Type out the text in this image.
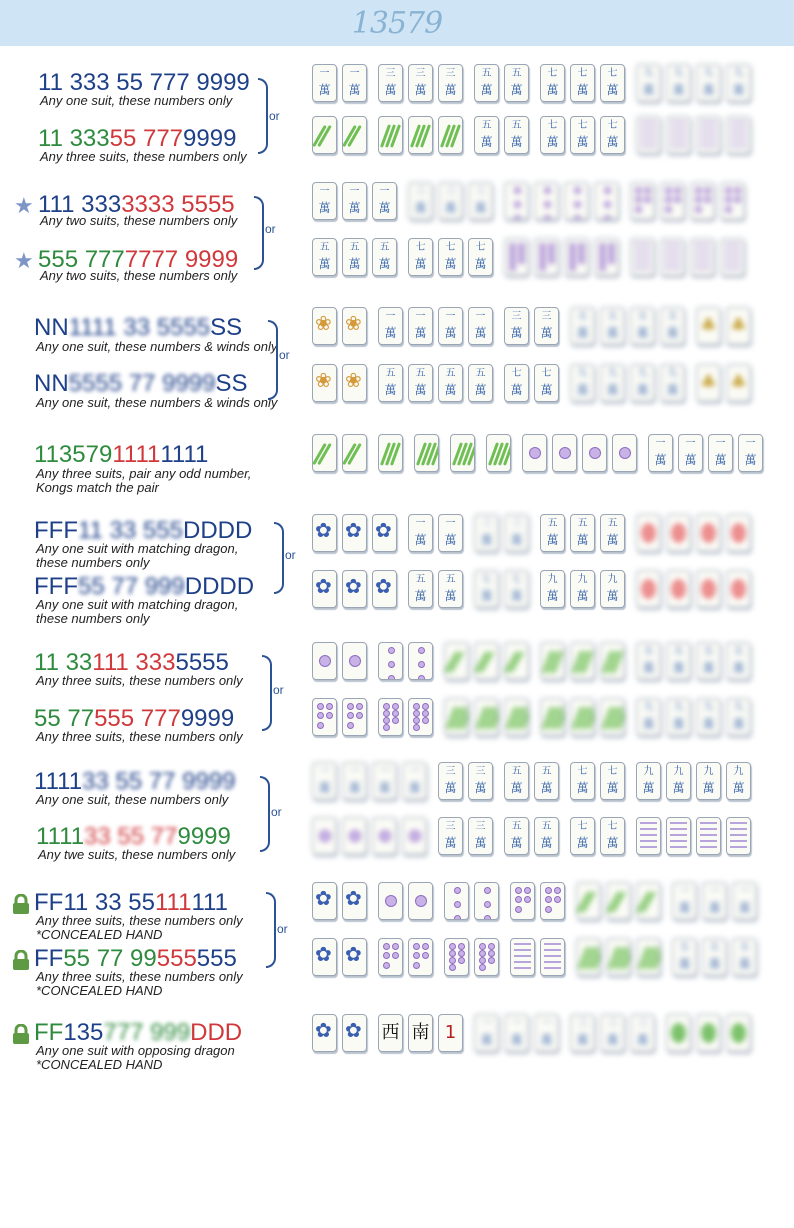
13579
11 333 55 777 9999
Any one suit, these numbers only
11 33355 7779999
Any three suits, these numbers only
111 3333333 5555
Any two suits, these numbers only
★
555 7777777 9999
Any two suits, these numbers only
★
NN1111 33 5555SS
Any one suit, these numbers & winds only
NN5555 77 9999SS
Any one suit, these numbers & winds only
11357911111111
Any three suits, pair any odd number, Kongs match the pair
FFF11 33 555DDDD
Any one suit with matching dragon, these numbers only
FFF55 77 999DDDD
Any one suit with matching dragon, these numbers only
11 33111 3335555
Any three suits, these numbers only
55 77555 7779999
Any three suits, these numbers only
111133 55 77 9999
Any one suit, these numbers only
111133 55 779999
Any twe suits, these numbers only
FF11 33 55111111
Any three suits, these numbers only
*CONCEALED HAND
FF55 77 99555555
Any three suits, these numbers only
*CONCEALED HAND
FF135777 999DDD
Any one suit with opposing dragon
*CONCEALED HAND
or
or
or
or
or
or
or
一
萬
一
萬
三
萬
三
萬
三
萬
五
萬
五
萬
七
萬
七
萬
七
萬
九
萬
九
萬
九
萬
九
萬
五
萬
五
萬
七
萬
七
萬
七
萬
一
萬
一
萬
一
萬
三
萬
三
萬
三
萬
五
萬
五
萬
五
萬
七
萬
七
萬
七
萬
❀ ❀	一
萬
一
萬
一
萬
一
萬
三
萬
三
萬
五
萬
五
萬
五
萬
五
萬	♣ ♣
❀ ❀	五
萬
五
萬
五
萬
五
萬
七
萬
七
萬
九
萬
九
萬
九
萬
九
萬	♣ ♣
一
萬
一
萬
一
萬
一
萬
✿ ✿ ✿	一
萬
一
萬
三
萬
三
萬
五
萬
五
萬
五
萬
✿ ✿ ✿	五
萬
五
萬
七
萬
七
萬
九
萬
九
萬
九
萬
五
萬
五
萬
五
萬
五
萬
九
萬
九
萬
九
萬
九
萬
一
萬
一
萬
一
萬
一
萬
三
萬
三
萬
五
萬
五
萬
七
萬
七
萬
九
萬
九
萬
九
萬
九
萬
三
萬
三
萬
五
萬
五
萬
七
萬
七
萬
✿ ✿	一
萬
一
萬
一
萬
✿ ✿	五
萬
五
萬
五
萬
✿ ✿ 西 南 1	一
萬
一
萬
一
萬
三
萬
三
萬
三
萬
